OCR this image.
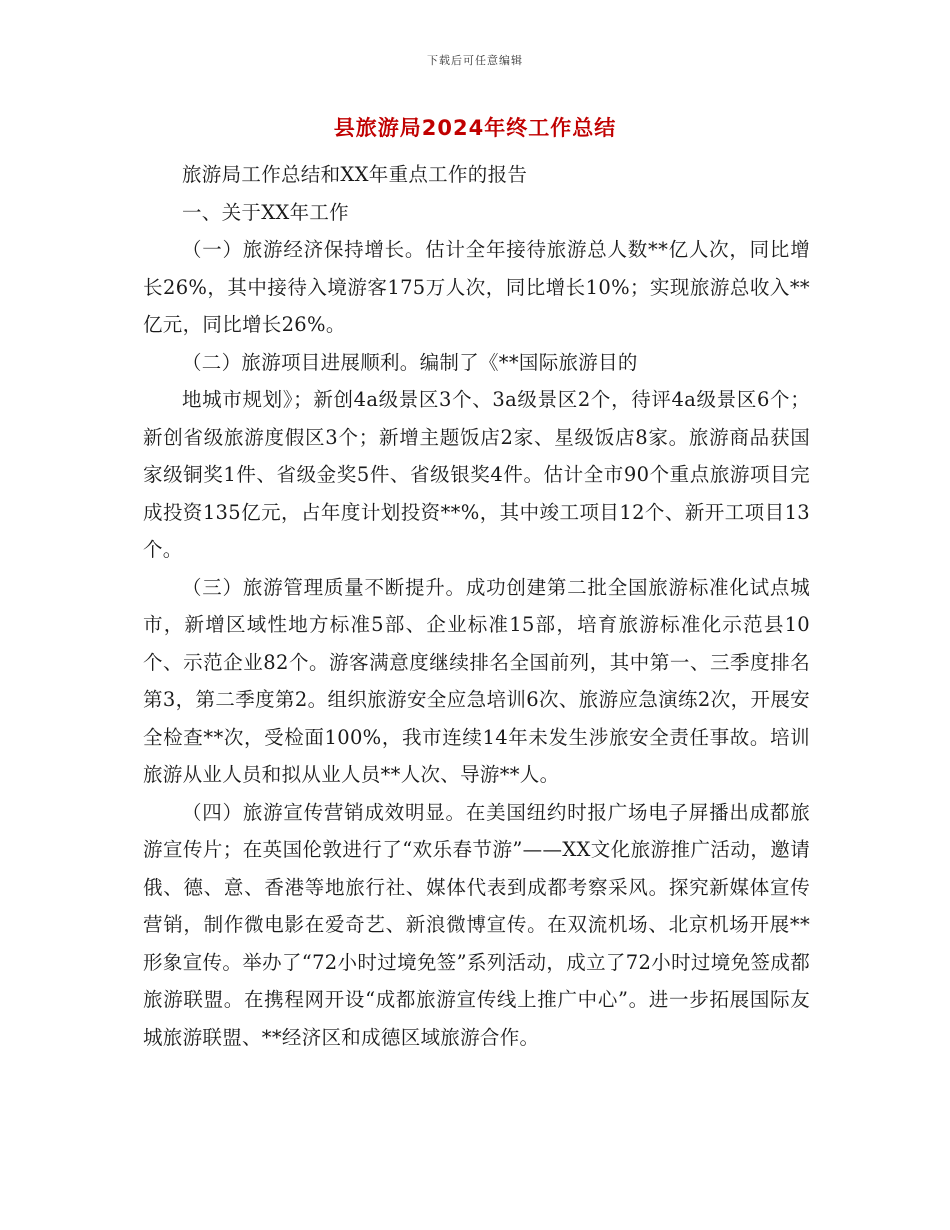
下载后可任意编辑
县旅游局2024年终工作总结

旅游局工作总结和XX年重点工作的报告

一、关于XX年工作

（一）旅游经济保持增长。估计全年接待旅游总人数**亿人次，同比增长26%，其中接待入境游客175万人次，同比增长10%；实现旅游总收入**亿元，同比增长26%。

（二）旅游项目进展顺利。编制了《**国际旅游目的

地城市规划》；新创4a级景区3个、3a级景区2个，待评4a级景区6个；新创省级旅游度假区3个；新增主题饭店2家、星级饭店8家。旅游商品获国家级铜奖1件、省级金奖5件、省级银奖4件。估计全市90个重点旅游项目完成投资135亿元，占年度计划投资**%，其中竣工项目12个、新开工项目13个。

（三）旅游管理质量不断提升。成功创建第二批全国旅游标准化试点城市，新增区域性地方标准5部、企业标准15部，培育旅游标准化示范县10个、示范企业82个。游客满意度继续排名全国前列，其中第一、三季度排名第3，第二季度第2。组织旅游安全应急培训6次、旅游应急演练2次，开展安全检查**次，受检面100%，我市连续14年未发生涉旅安全责任事故。培训旅游从业人员和拟从业人员**人次、导游**人。

（四）旅游宣传营销成效明显。在美国纽约时报广场电子屏播出成都旅游宣传片；在英国伦敦进行了“欢乐春节游”——XX文化旅游推广活动，邀请俄、德、意、香港等地旅行社、媒体代表到成都考察采风。探究新媒体宣传营销，制作微电影在爱奇艺、新浪微博宣传。在双流机场、北京机场开展**形象宣传。举办了“72小时过境免签”系列活动，成立了72小时过境免签成都旅游联盟。在携程网开设“成都旅游宣传线上推广中心”。进一步拓展国际友城旅游联盟、**经济区和成德区域旅游合作。
